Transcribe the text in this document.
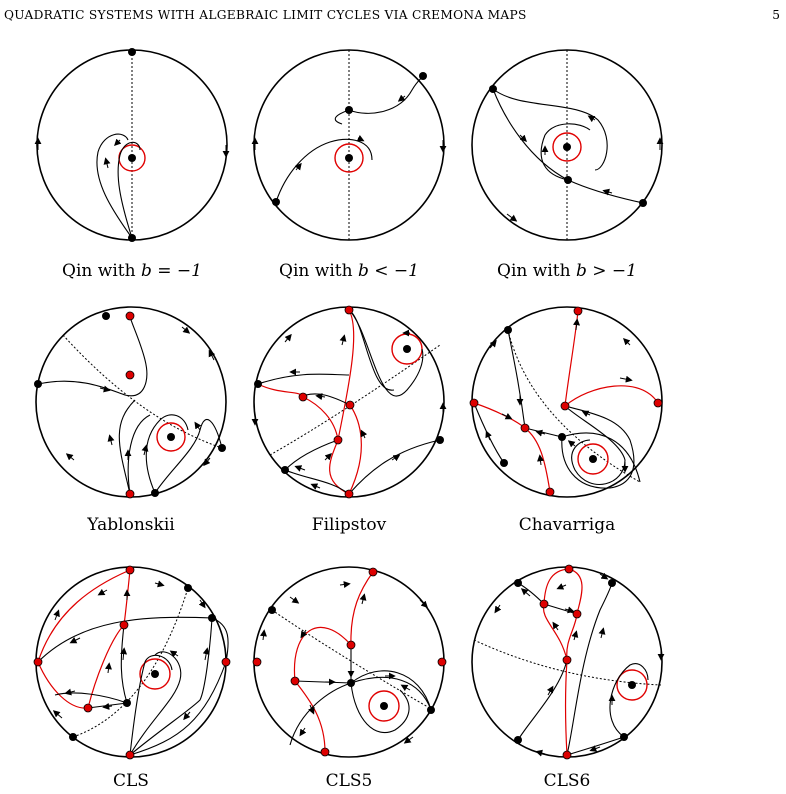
QUADRATIC SYSTEMS WITH ALGEBRAIC LIMIT CYCLES VIA CREMONA MAPS	5
Qin with b = −1	Qin with b < −1	Qin with b > −1
Yablonskii	Filipstov	Chavarriga
CLS	CLS5	CLS6
